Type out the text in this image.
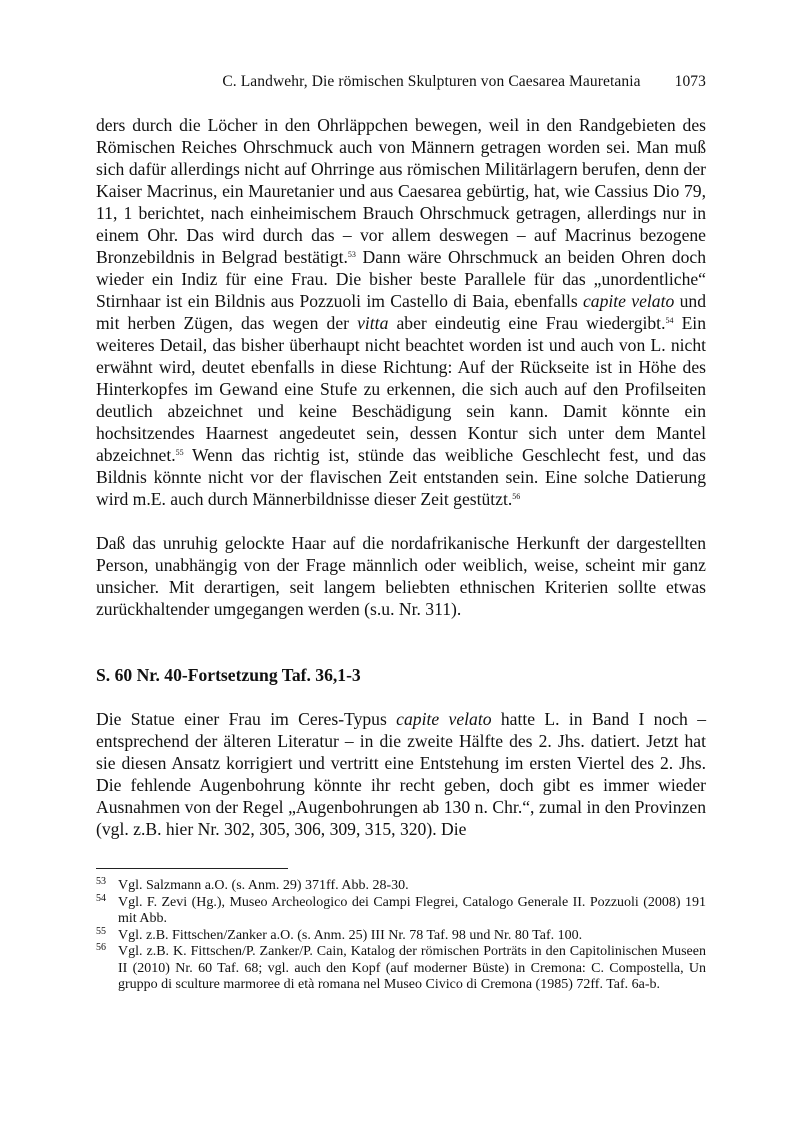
C. Landwehr, Die römischen Skulpturen von Caesarea Mauretania 1073

ders durch die Löcher in den Ohrläppchen bewegen, weil in den Randgebieten des Römischen Reiches Ohrschmuck auch von Männern getragen worden sei. Man muß sich dafür allerdings nicht auf Ohrringe aus römischen Militärlagern berufen, denn der Kaiser Macrinus, ein Mauretanier und aus Caesarea gebürtig, hat, wie Cassius Dio 79, 11, 1 berichtet, nach einheimischem Brauch Ohrschmuck getragen, allerdings nur in einem Ohr. Das wird durch das – vor allem deswegen – auf Macrinus bezogene Bronzebildnis in Belgrad bestätigt.$^{53}$ Dann wäre Ohrschmuck an beiden Ohren doch wieder ein Indiz für eine Frau. Die bisher beste Parallele für das „unordentliche“ Stirnhaar ist ein Bildnis aus Pozzuoli im Castello di Baia, ebenfalls capite velato und mit herben Zügen, das wegen der vitta aber eindeutig eine Frau wiedergibt.$^{54}$ Ein weiteres Detail, das bisher überhaupt nicht beachtet worden ist und auch von L. nicht erwähnt wird, deutet ebenfalls in diese Richtung: Auf der Rückseite ist in Höhe des Hinterkopfes im Gewand eine Stufe zu erkennen, die sich auch auf den Profilseiten deutlich abzeichnet und keine Beschädigung sein kann. Damit könnte ein hochsitzendes Haarnest angedeutet sein, dessen Kontur sich unter dem Mantel abzeichnet.$^{55}$ Wenn das richtig ist, stünde das weibliche Geschlecht fest, und das Bildnis könnte nicht vor der flavischen Zeit entstanden sein. Eine solche Datierung wird m.E. auch durch Männerbildnisse dieser Zeit gestützt.$^{56}$

Daß das unruhig gelockte Haar auf die nordafrikanische Herkunft der dargestellten Person, unabhängig von der Frage männlich oder weiblich, weise, scheint mir ganz unsicher. Mit derartigen, seit langem beliebten ethnischen Kriterien sollte etwas zurückhaltender umgegangen werden (s.u. Nr. 311).

S. 60 Nr. 40-Fortsetzung Taf. 36,1-3

Die Statue einer Frau im Ceres-Typus capite velato hatte L. in Band I noch – entsprechend der älteren Literatur – in die zweite Hälfte des 2. Jhs. datiert. Jetzt hat sie diesen Ansatz korrigiert und vertritt eine Entstehung im ersten Viertel des 2. Jhs. Die fehlende Augenbohrung könnte ihr recht geben, doch gibt es immer wieder Ausnahmen von der Regel „Augenbohrungen ab 130 n. Chr.“, zumal in den Provinzen (vgl. z.B. hier Nr. 302, 305, 306, 309, 315, 320). Die

53 Vgl. Salzmann a.O. (s. Anm. 29) 371ff. Abb. 28-30.
54 Vgl. F. Zevi (Hg.), Museo Archeologico dei Campi Flegrei, Catalogo Generale II. Pozzuoli (2008) 191 mit Abb.
55 Vgl. z.B. Fittschen/Zanker a.O. (s. Anm. 25) III Nr. 78 Taf. 98 und Nr. 80 Taf. 100.
56 Vgl. z.B. K. Fittschen/P. Zanker/P. Cain, Katalog der römischen Porträts in den Capitolinischen Museen II (2010) Nr. 60 Taf. 68; vgl. auch den Kopf (auf moderner Büste) in Cremona: C. Compostella, Un gruppo di sculture marmoree di età romana nel Museo Civico di Cremona (1985) 72ff. Taf. 6a-b.
